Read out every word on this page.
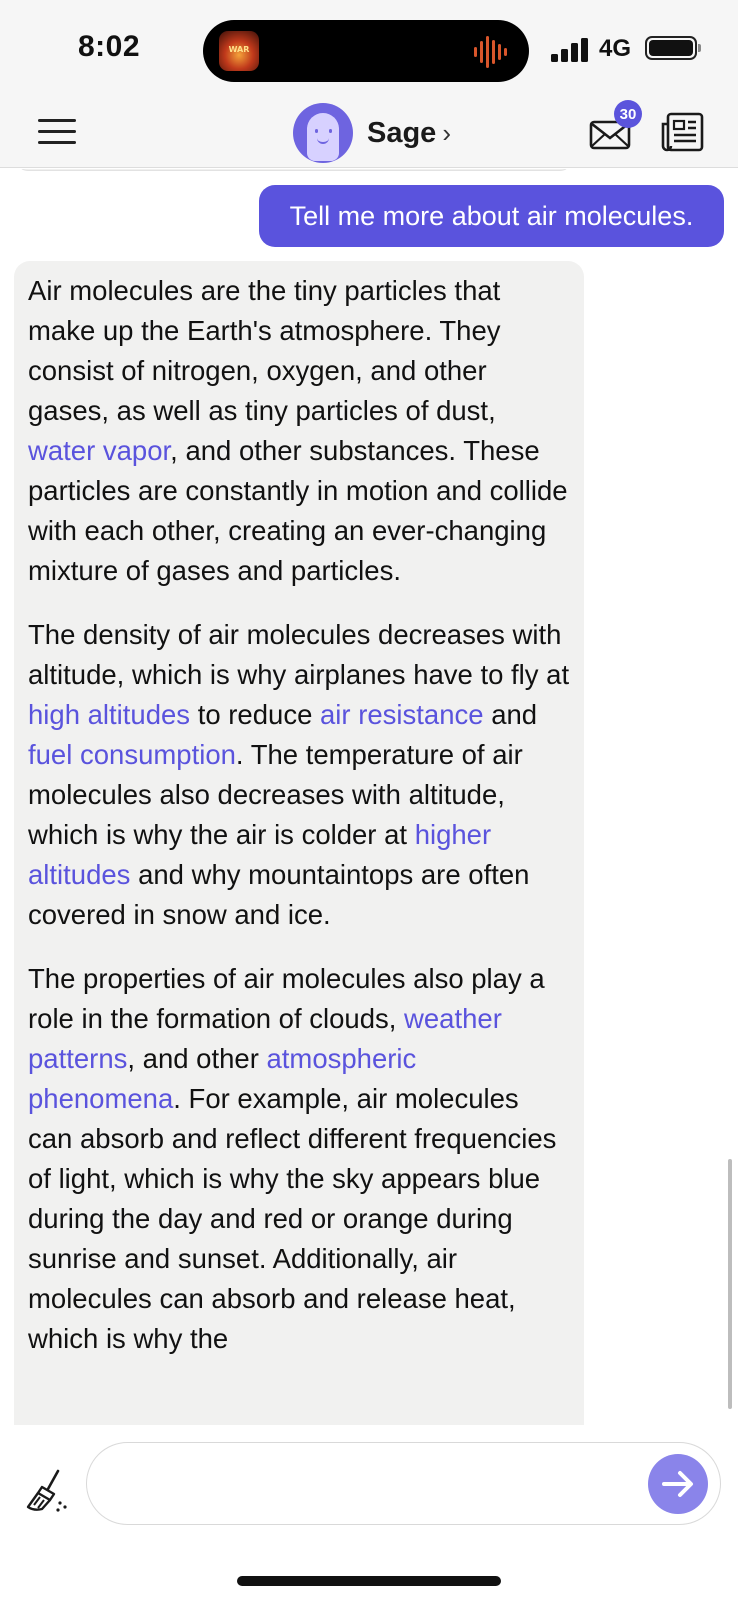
8:02	WAR	4G
Sage ›
30
Tell me more about air molecules.

Air molecules are the tiny particles that make up the Earth's atmosphere. They consist of nitrogen, oxygen, and other gases, as well as tiny particles of dust, water vapor, and other substances. These particles are constantly in motion and collide with each other, creating an ever-changing mixture of gases and particles.

The density of air molecules decreases with altitude, which is why airplanes have to fly at high altitudes to reduce air resistance and fuel consumption. The temperature of air molecules also decreases with altitude, which is why the air is colder at higher altitudes and why mountaintops are often covered in snow and ice.

The properties of air molecules also play a role in the formation of clouds, weather patterns, and other atmospheric phenomena. For example, air molecules can absorb and reflect different frequencies of light, which is why the sky appears blue during the day and red or orange during sunrise and sunset. Additionally, air molecules can absorb and release heat, which is why the
